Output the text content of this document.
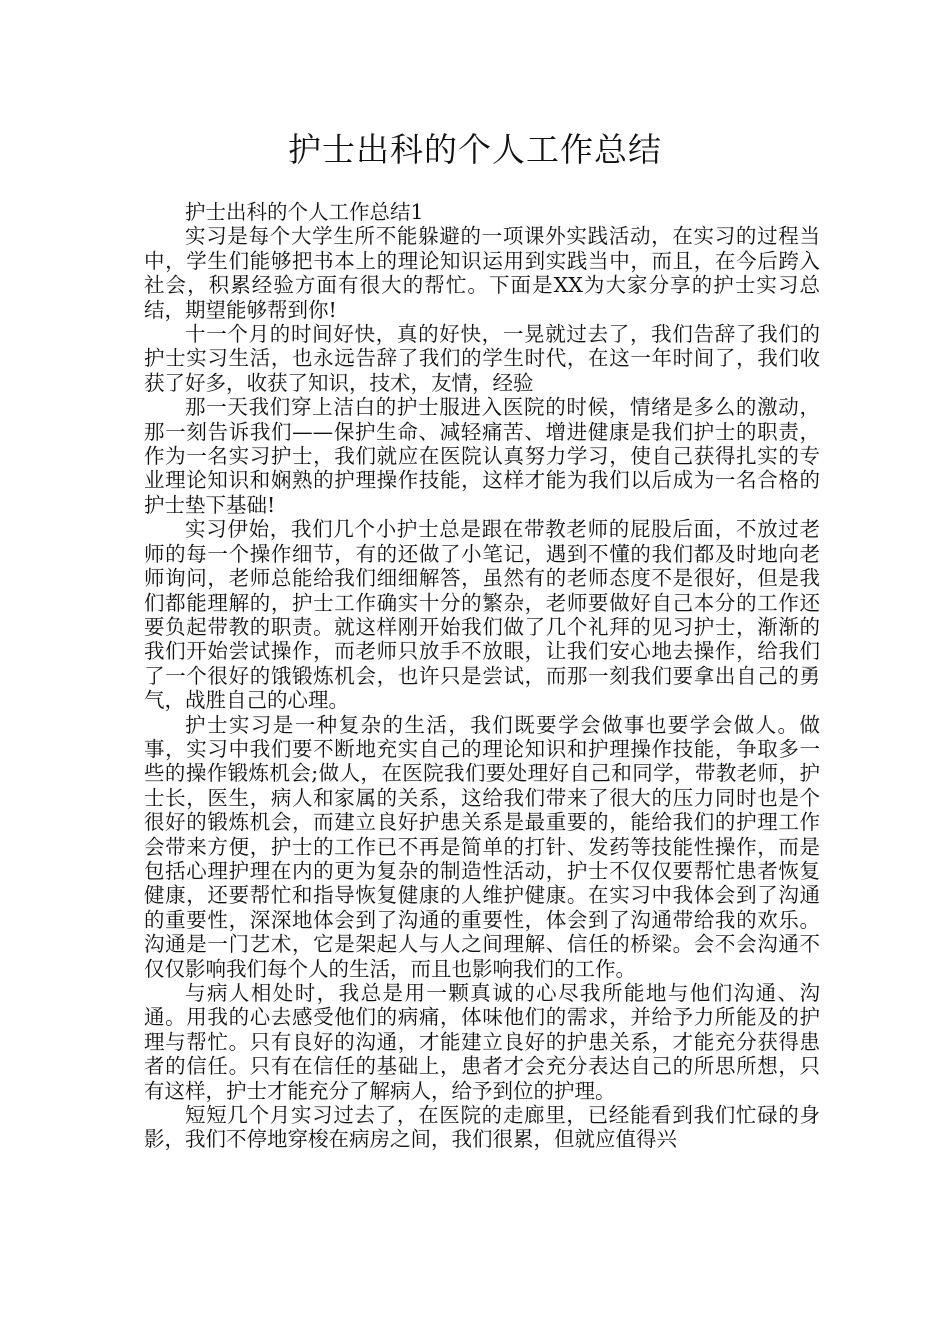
护士出科的个人工作总结

护士出科的个人工作总结1

实习是每个大学生所不能躲避的一项课外实践活动，在实习的过程当中，学生们能够把书本上的理论知识运用到实践当中，而且，在今后跨入社会，积累经验方面有很大的帮忙。下面是XX为大家分享的护士实习总结，期望能够帮到你!

十一个月的时间好快，真的好快，一晃就过去了，我们告辞了我们的护士实习生活，也永远告辞了我们的学生时代，在这一年时间了，我们收获了好多，收获了知识，技术，友情，经验

那一天我们穿上洁白的护士服进入医院的时候，情绪是多么的激动，那一刻告诉我们——保护生命、减轻痛苦、增进健康是我们护士的职责，作为一名实习护士，我们就应在医院认真努力学习，使自己获得扎实的专业理论知识和娴熟的护理操作技能，这样才能为我们以后成为一名合格的护士垫下基础!

实习伊始，我们几个小护士总是跟在带教老师的屁股后面，不放过老师的每一个操作细节，有的还做了小笔记，遇到不懂的我们都及时地向老师询问，老师总能给我们细细解答，虽然有的老师态度不是很好，但是我们都能理解的，护士工作确实十分的繁杂，老师要做好自己本分的工作还要负起带教的职责。就这样刚开始我们做了几个礼拜的见习护士，渐渐的我们开始尝试操作，而老师只放手不放眼，让我们安心地去操作，给我们了一个很好的饿锻炼机会，也许只是尝试，而那一刻我们要拿出自己的勇气，战胜自己的心理。

护士实习是一种复杂的生活，我们既要学会做事也要学会做人。做事，实习中我们要不断地充实自己的理论知识和护理操作技能，争取多一些的操作锻炼机会;做人，在医院我们要处理好自己和同学，带教老师，护士长，医生，病人和家属的关系，这给我们带来了很大的压力同时也是个很好的锻炼机会，而建立良好护患关系是最重要的，能给我们的护理工作会带来方便，护士的工作已不再是简单的打针、发药等技能性操作，而是包括心理护理在内的更为复杂的制造性活动，护士不仅仅要帮忙患者恢复健康，还要帮忙和指导恢复健康的人维护健康。在实习中我体会到了沟通的重要性，深深地体会到了沟通的重要性，体会到了沟通带给我的欢乐。沟通是一门艺术，它是架起人与人之间理解、信任的桥梁。会不会沟通不仅仅影响我们每个人的生活，而且也影响我们的工作。

与病人相处时，我总是用一颗真诚的心尽我所能地与他们沟通、沟通。用我的心去感受他们的病痛，体味他们的需求，并给予力所能及的护理与帮忙。只有良好的沟通，才能建立良好的护患关系，才能充分获得患者的信任。只有在信任的基础上，患者才会充分表达自己的所思所想，只有这样，护士才能充分了解病人，给予到位的护理。

短短几个月实习过去了，在医院的走廊里，已经能看到我们忙碌的身影，我们不停地穿梭在病房之间，我们很累，但就应值得兴
